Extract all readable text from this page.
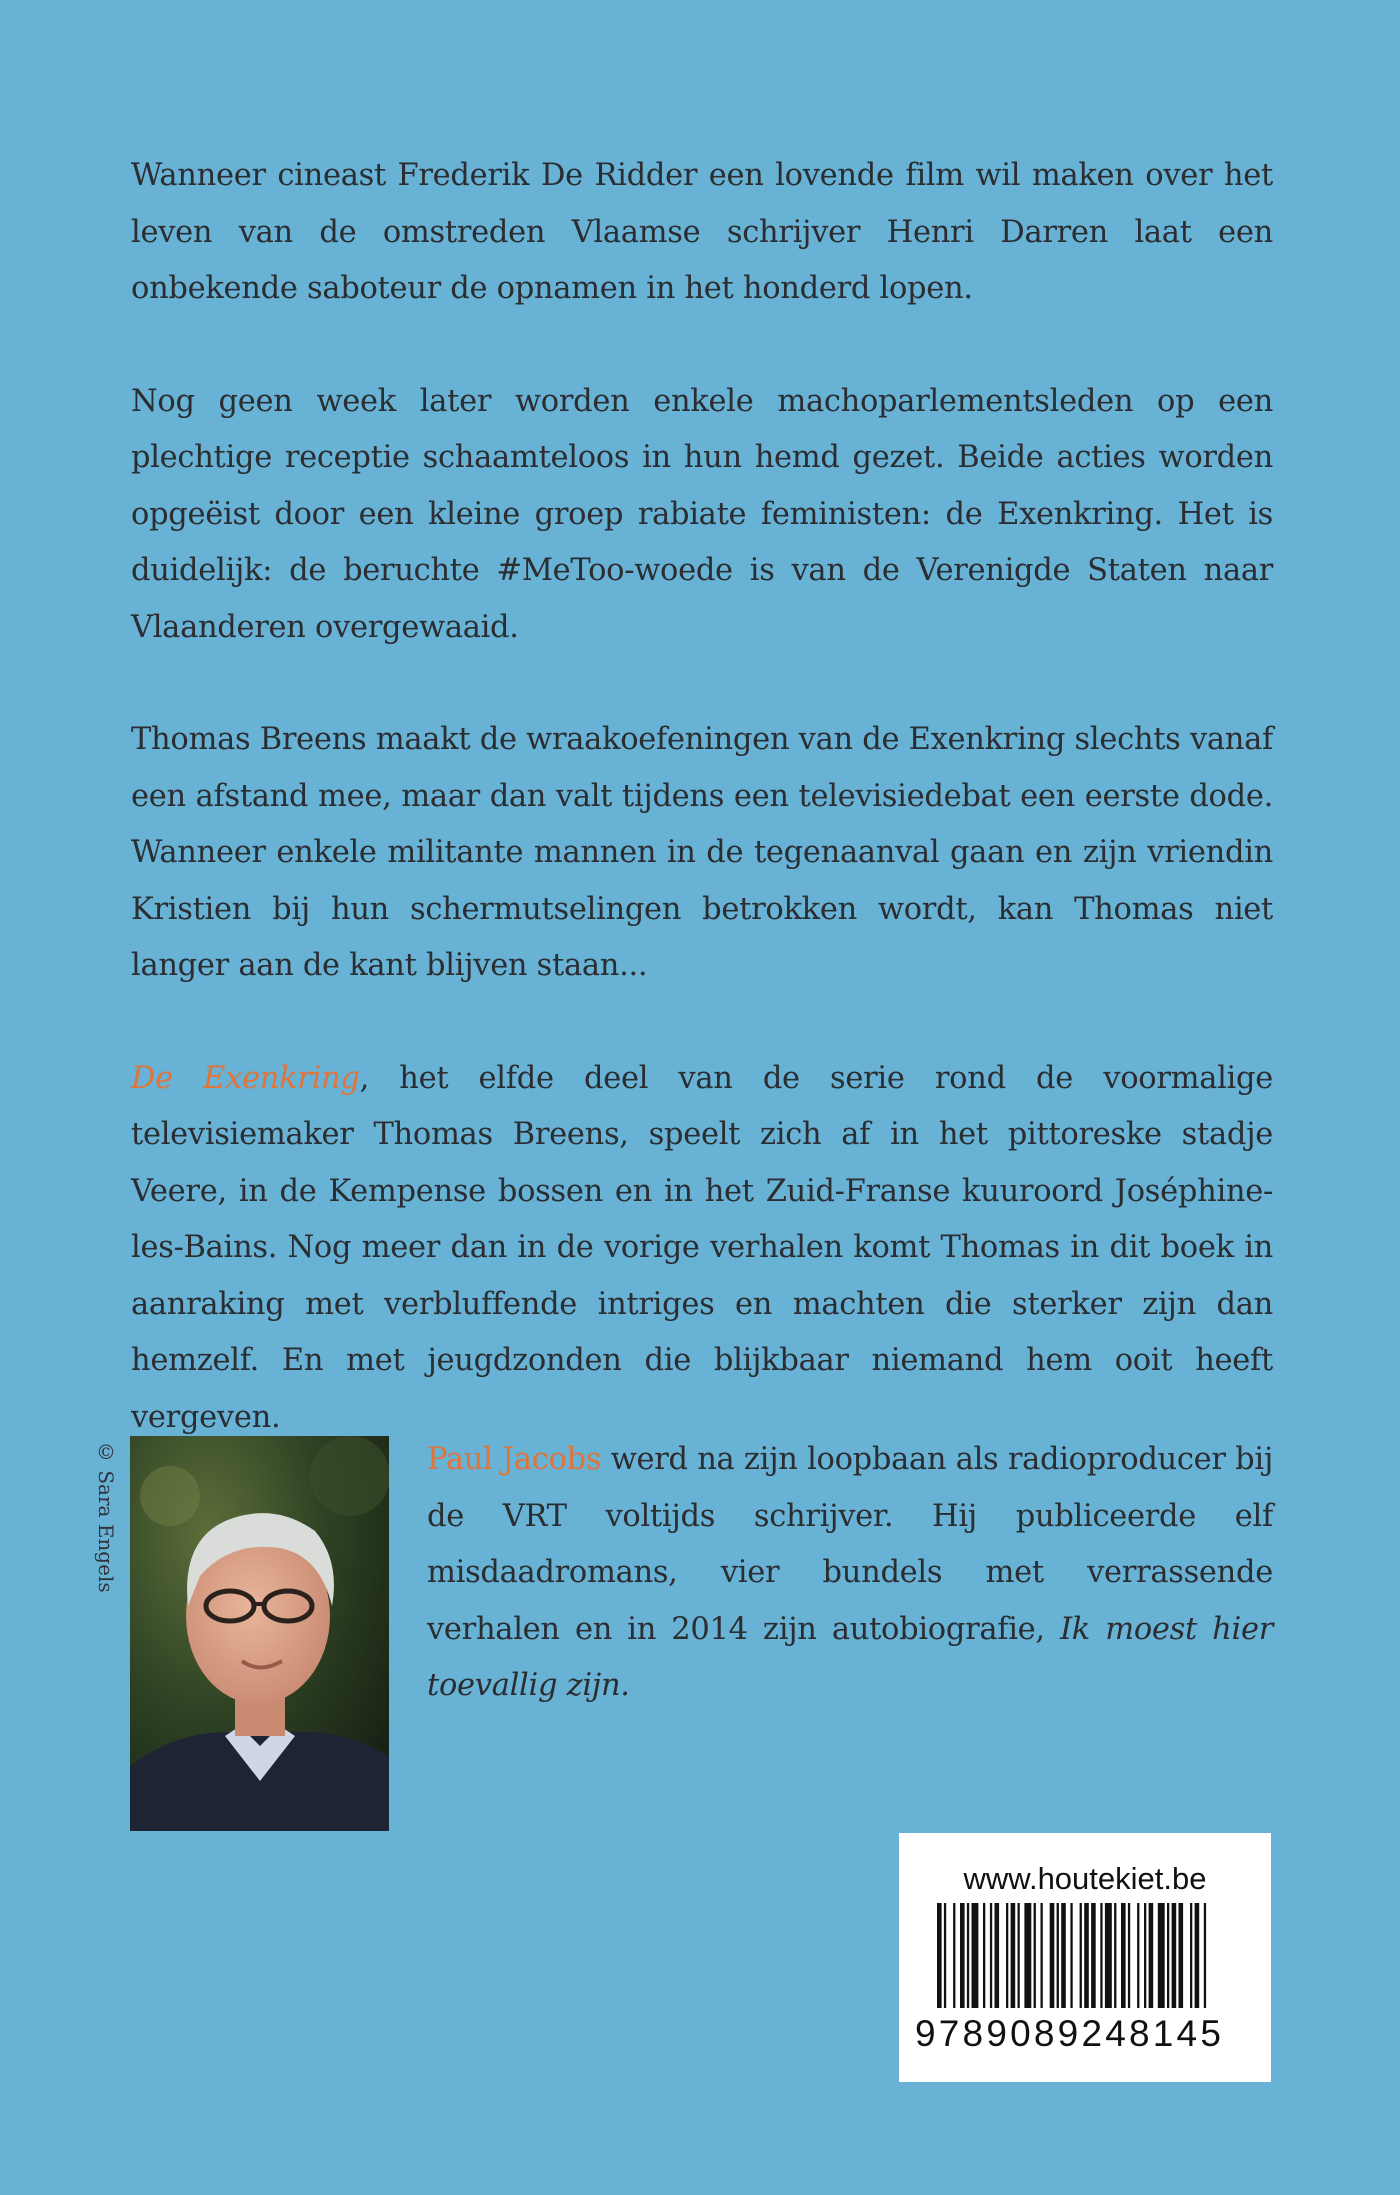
Wanneer cineast Frederik De Ridder een lovende film wil maken over het leven van de omstreden Vlaamse schrijver Henri Darren laat een onbekende saboteur de opnamen in het honderd lopen.

Nog geen week later worden enkele machoparlementsleden op een plechtige receptie schaamteloos in hun hemd gezet. Beide acties worden opgeëist door een kleine groep rabiate feministen: de Exenkring. Het is duidelijk: de beruchte #MeToo-woede is van de Verenigde Staten naar Vlaanderen overgewaaid.

Thomas Breens maakt de wraakoefeningen van de Exenkring slechts vanaf een afstand mee, maar dan valt tijdens een televisiedebat een eerste dode. Wanneer enkele militante mannen in de tegenaanval gaan en zijn vriendin Kristien bij hun schermutselingen betrokken wordt, kan Thomas niet langer aan de kant blijven staan...

De Exenkring, het elfde deel van de serie rond de voormalige televisiemaker Thomas Breens, speelt zich af in het pittoreske stadje Veere, in de Kempense bossen en in het Zuid-Franse kuuroord Joséphine-les-Bains. Nog meer dan in de vorige verhalen komt Thomas in dit boek in aanraking met verbluffende intriges en machten die sterker zijn dan hemzelf. En met jeugdzonden die blijkbaar niemand hem ooit heeft vergeven.

© Sara Engels	Paul Jacobs werd na zijn loopbaan als radioproducer bij de VRT voltijds schrijver. Hij publiceerde elf misdaadromans, vier bundels met verrassende verhalen en in 2014 zijn autobiografie, Ik moest hier toevallig zijn.
www.houtekiet.be
9789089248145
